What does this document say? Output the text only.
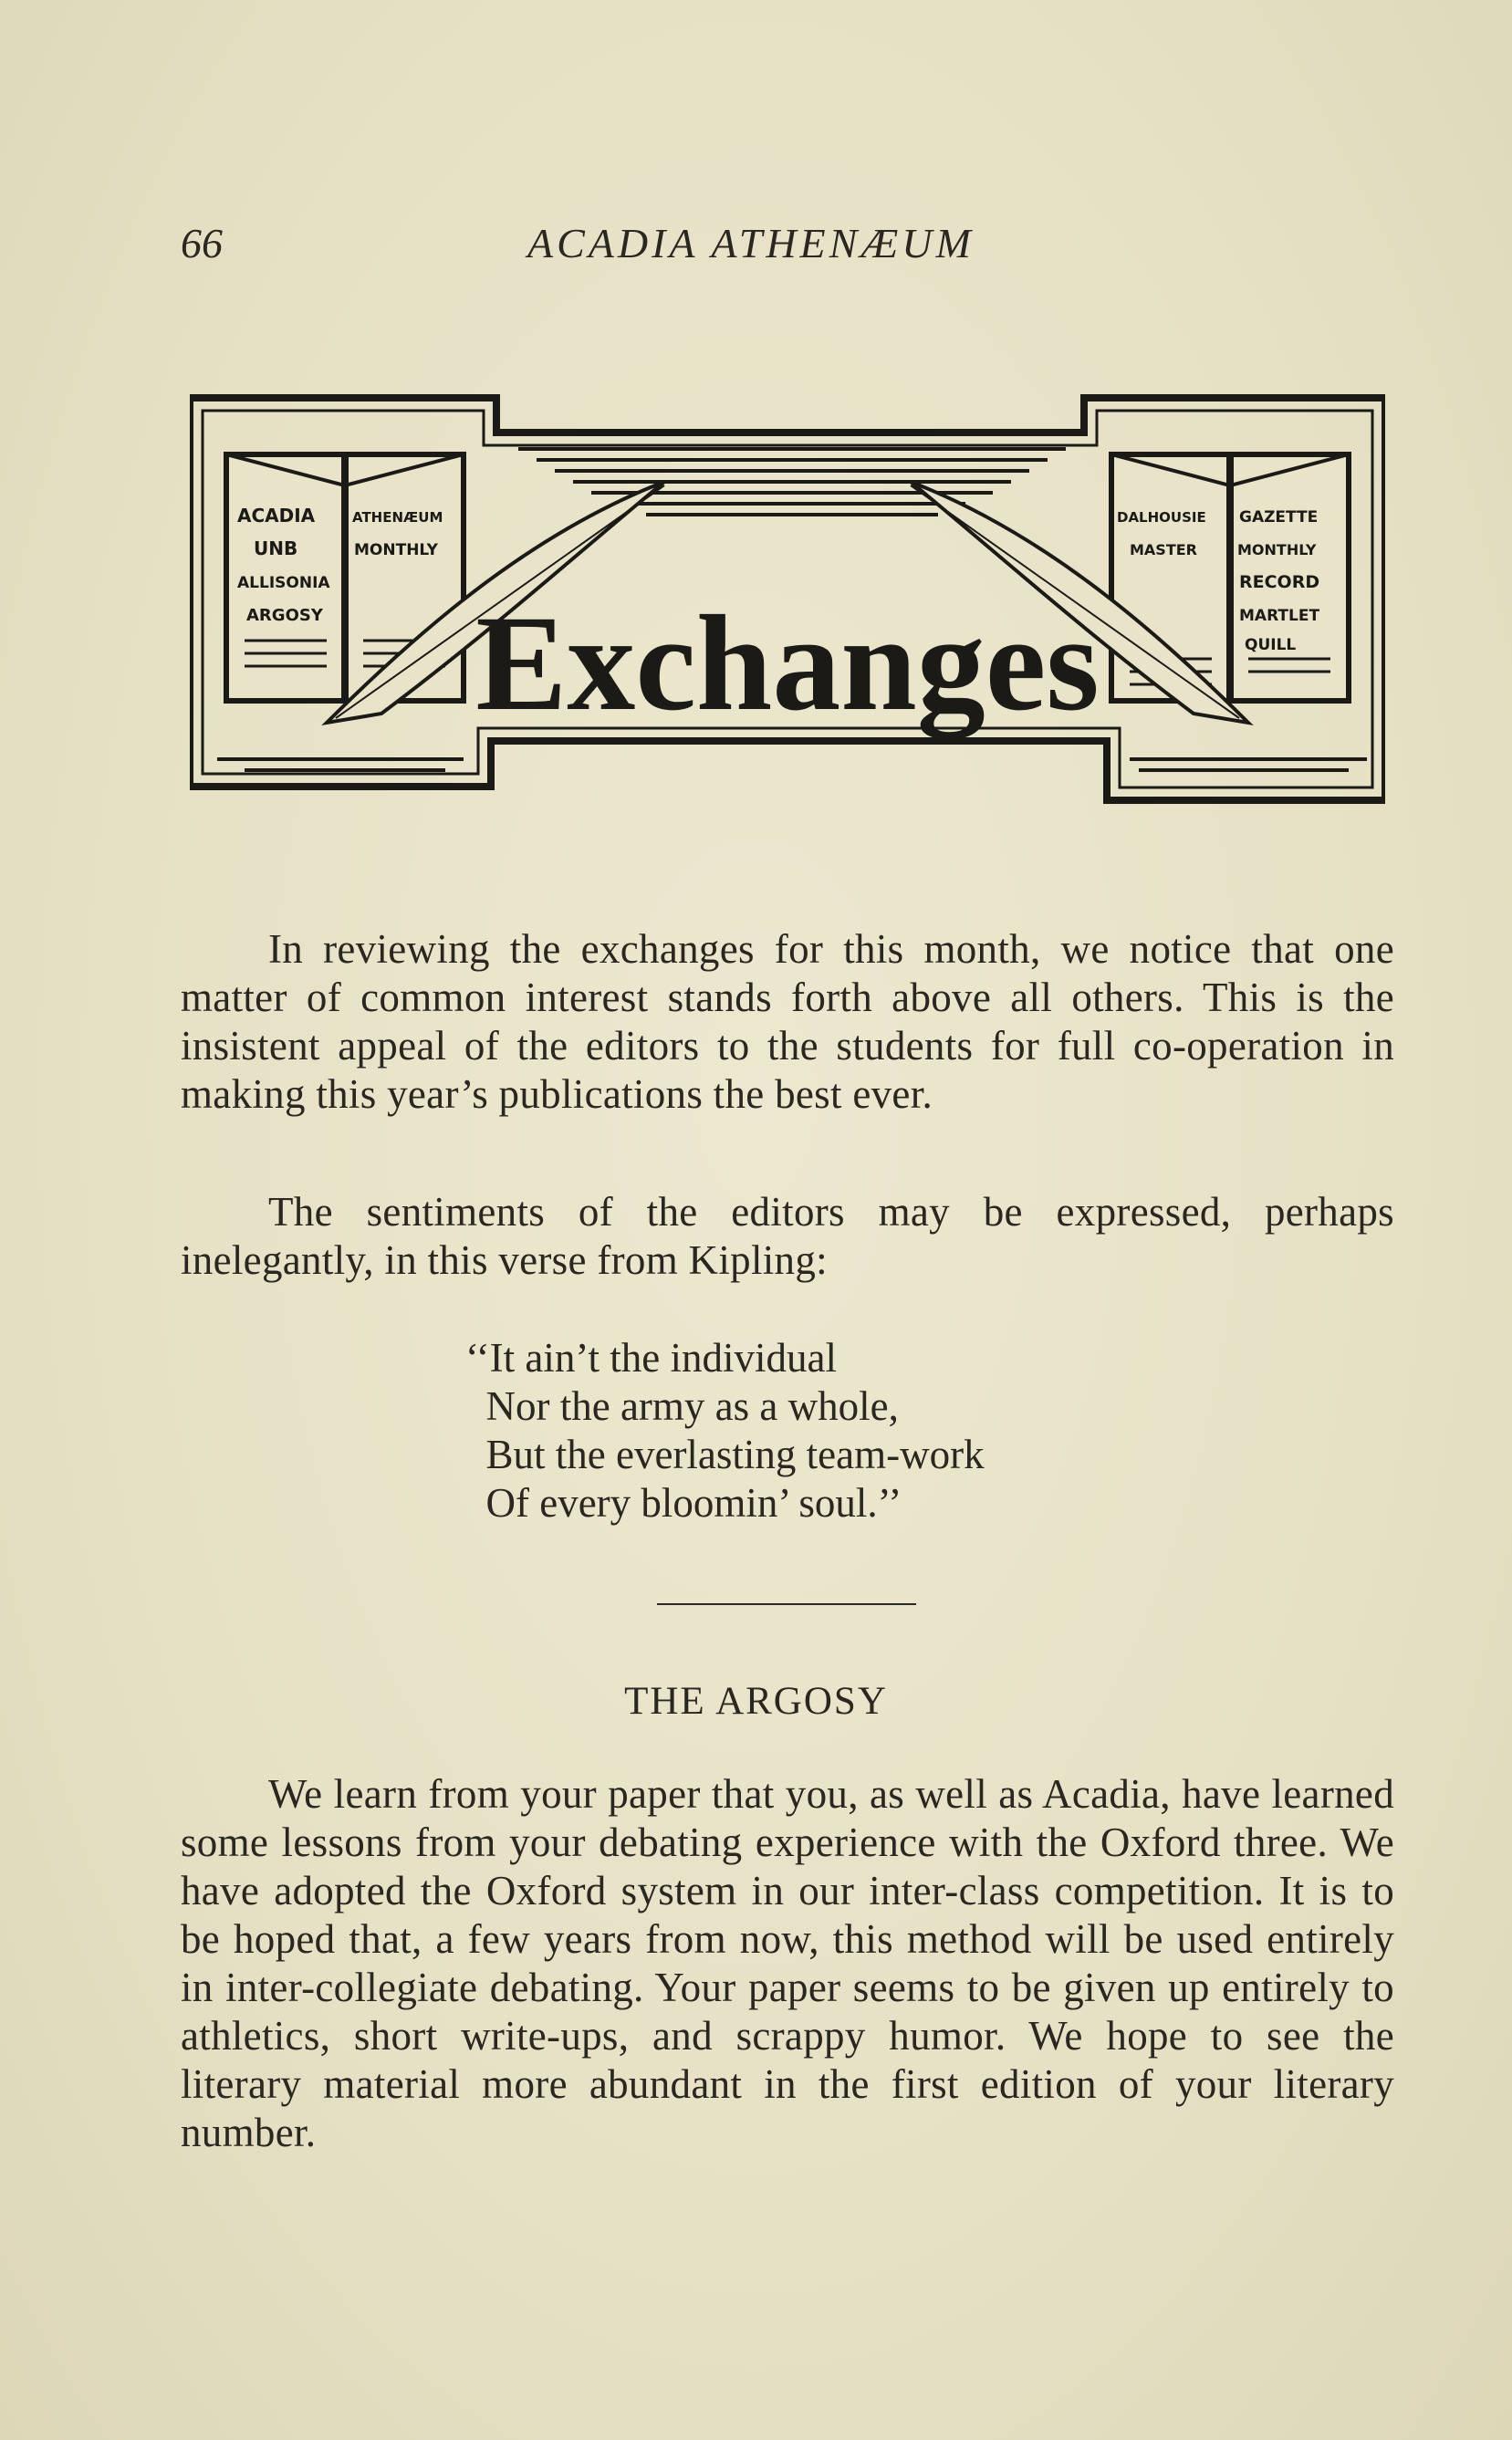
66	ACADIA ATHENÆUM
ACADIA
UNB
ALLISONIA
ARGOSY
ATHENÆUM
MONTHLY
DALHOUSIE
MASTER
GAZETTE
MONTHLY
RECORD
MARTLET
QUILL
Exchanges

In reviewing the exchanges for this month, we notice that one matter of common interest stands forth above all others. This is the insistent appeal of the editors to the students for full co-operation in making this year’s publications the best ever.

The sentiments of the editors may be expressed, perhaps inelegantly, in this verse from Kipling:

‘‘It ain’t the individual
Nor the army as a whole,
But the everlasting team-work
Of every bloomin’ soul.’’
THE ARGOSY

We learn from your paper that you, as well as Acadia, have learned some lessons from your debating experience with the Oxford three. We have adopted the Oxford system in our inter-class competition. It is to be hoped that, a few years from now, this method will be used entirely in inter-collegiate debating. Your paper seems to be given up entirely to athletics, short write-ups, and scrappy humor. We hope to see the literary material more abundant in the first edition of your literary number.
